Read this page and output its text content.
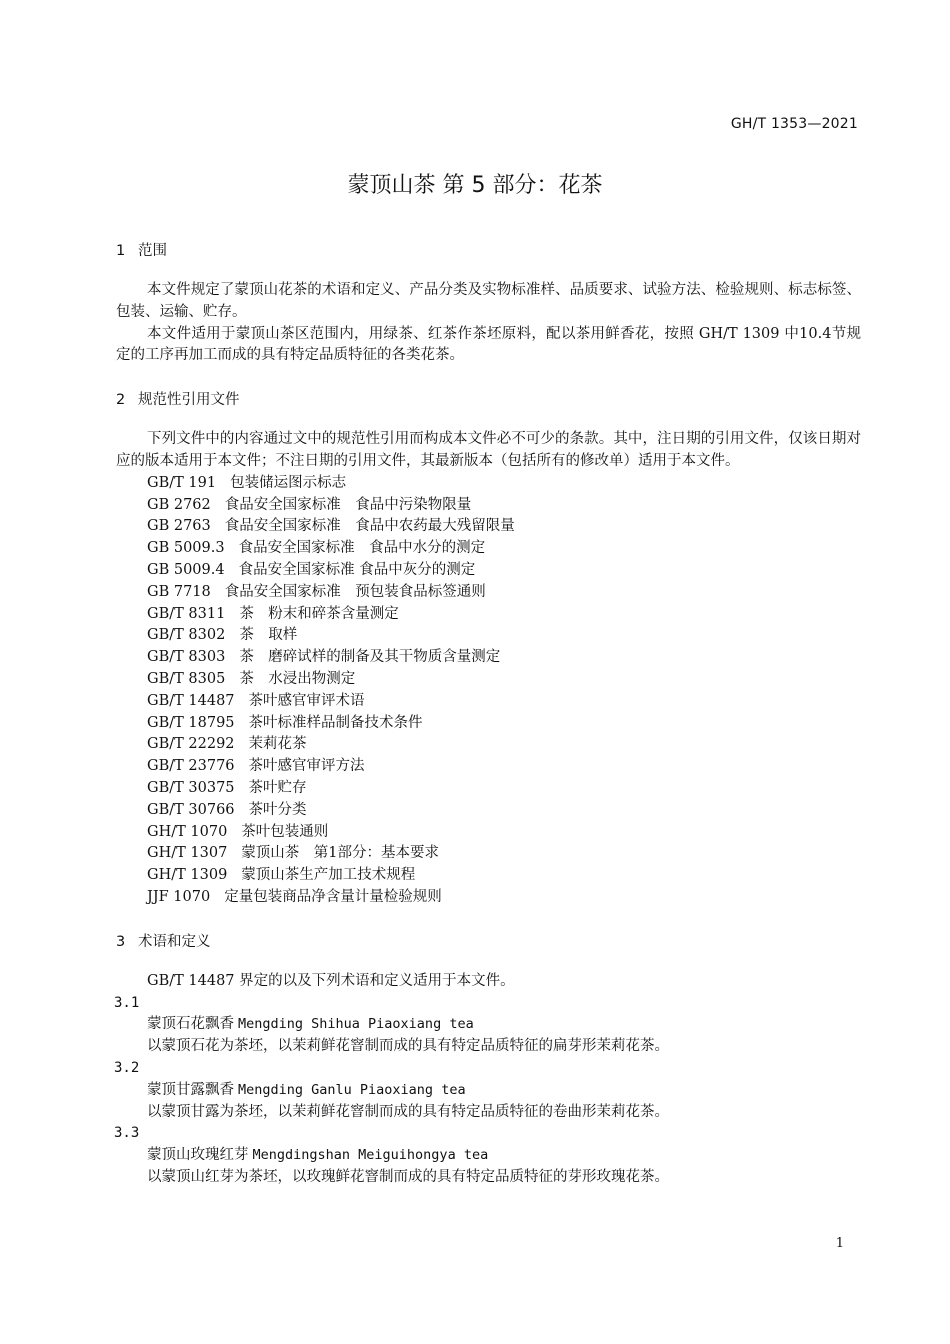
GH/T 1353—2021
蒙顶山茶 第 5 部分：花茶
1 范围

本文件规定了蒙顶山花茶的术语和定义、产品分类及实物标准样、品质要求、试验方法、检验规则、标志标签、包装、运输、贮存。

本文件适用于蒙顶山茶区范围内，用绿茶、红茶作茶坯原料，配以茶用鲜香花，按照 GH/T 1309 中10.4节规定的工序再加工而成的具有特定品质特征的各类花茶。

2 规范性引用文件

下列文件中的内容通过文中的规范性引用而构成本文件必不可少的条款。其中，注日期的引用文件，仅该日期对应的版本适用于本文件；不注日期的引用文件，其最新版本（包括所有的修改单）适用于本文件。

GB/T 191 包装储运图示标志
GB 2762 食品安全国家标准　食品中污染物限量
GB 2763 食品安全国家标准　食品中农药最大残留限量
GB 5009.3 食品安全国家标准　食品中水分的测定
GB 5009.4 食品安全国家标准 食品中灰分的测定
GB 7718 食品安全国家标准　预包装食品标签通则
GB/T 8311 茶　粉末和碎茶含量测定
GB/T 8302 茶　取样
GB/T 8303 茶　磨碎试样的制备及其干物质含量测定
GB/T 8305 茶　水浸出物测定
GB/T 14487 茶叶感官审评术语
GB/T 18795 茶叶标准样品制备技术条件
GB/T 22292 茉莉花茶
GB/T 23776 茶叶感官审评方法
GB/T 30375 茶叶贮存
GB/T 30766 茶叶分类
GH/T 1070 茶叶包装通则
GH/T 1307 蒙顶山茶　第1部分：基本要求
GH/T 1309 蒙顶山茶生产加工技术规程
JJF 1070 定量包装商品净含量计量检验规则
3 术语和定义

GB/T 14487 界定的以及下列术语和定义适用于本文件。

3.1

蒙顶石花飘香 Mengding Shihua Piaoxiang tea

以蒙顶石花为茶坯，以茉莉鲜花窨制而成的具有特定品质特征的扁芽形茉莉花茶。

3.2

蒙顶甘露飘香 Mengding Ganlu Piaoxiang tea

以蒙顶甘露为茶坯，以茉莉鲜花窨制而成的具有特定品质特征的卷曲形茉莉花茶。

3.3

蒙顶山玫瑰红芽 Mengdingshan Meiguihongya tea

以蒙顶山红芽为茶坯，以玫瑰鲜花窨制而成的具有特定品质特征的芽形玫瑰花茶。

1
